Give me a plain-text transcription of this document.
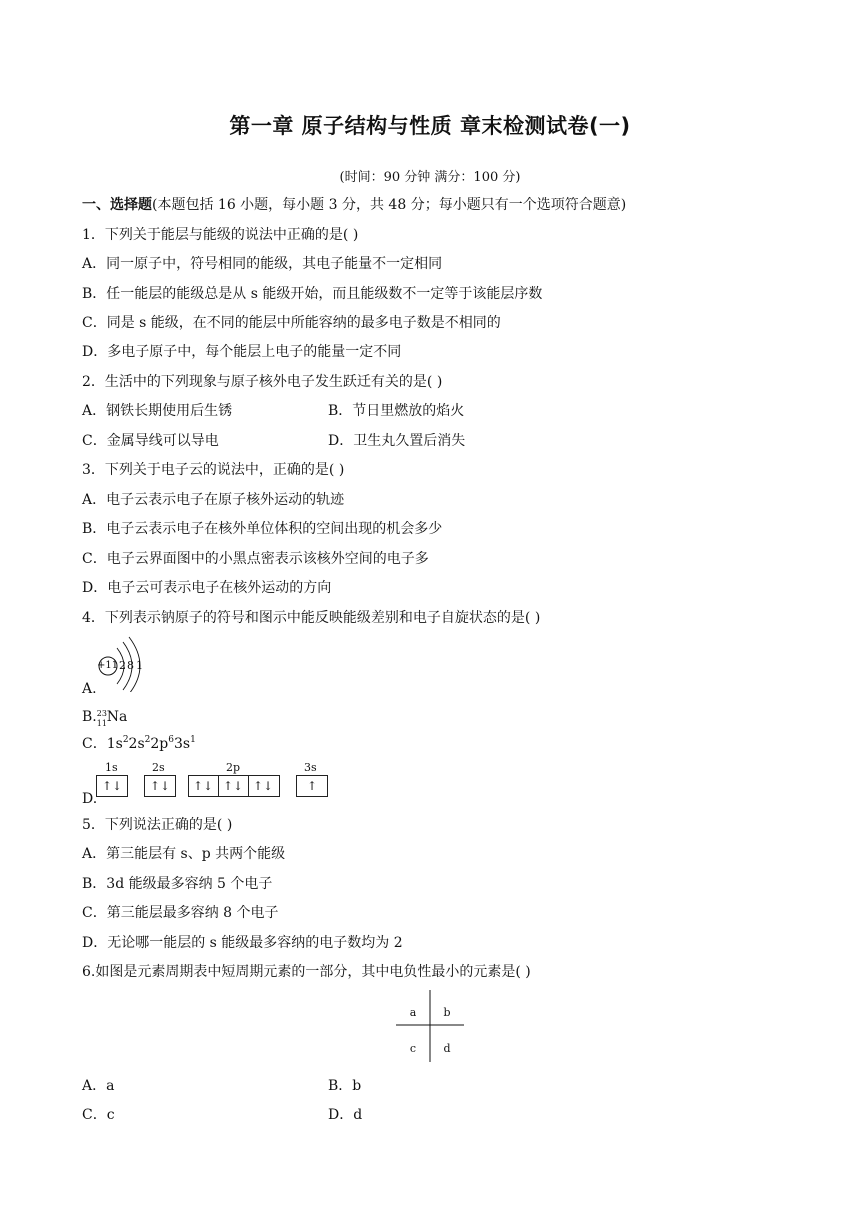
第一章 原子结构与性质 章末检测试卷(一)
(时间：90 分钟 满分：100 分)
一、选择题(本题包括 16 小题，每小题 3 分，共 48 分；每小题只有一个选项符合题意)
1．下列关于能层与能级的说法中正确的是( )
A．同一原子中，符号相同的能级，其电子能量不一定相同
B．任一能层的能级总是从 s 能级开始，而且能级数不一定等于该能层序数
C．同是 s 能级，在不同的能层中所能容纳的最多电子数是不相同的
D．多电子原子中，每个能层上电子的能量一定不同
2．生活中的下列现象与原子核外电子发生跃迁有关的是( )
A．钢铁长期使用后生锈	B．节日里燃放的焰火
C．金属导线可以导电	D．卫生丸久置后消失
3．下列关于电子云的说法中，正确的是( )
A．电子云表示电子在原子核外运动的轨迹
B．电子云表示电子在核外单位体积的空间出现的机会多少
C．电子云界面图中的小黑点密表示该核外空间的电子多
D．电子云可表示电子在核外运动的方向
4．下列表示钠原子的符号和图示中能反映能级差别和电子自旋状态的是( )
+11 2 8 1
A.
B. 23
11 Na
C．$1s^22s^22p^63s^1$
D.
1s
↑↓
2s
↑↓
2p
↑↓ ↑↓ ↑↓
3s
↑
5．下列说法正确的是( )
A．第三能层有 s、p 共两个能级
B．3d 能级最多容纳 5 个电子
C．第三能层最多容纳 8 个电子
D．无论哪一能层的 s 能级最多容纳的电子数均为 2
6.如图是元素周期表中短周期元素的一部分，其中电负性最小的元素是( )
a	b
c	d
A．a	B．b
C．c	D．d
